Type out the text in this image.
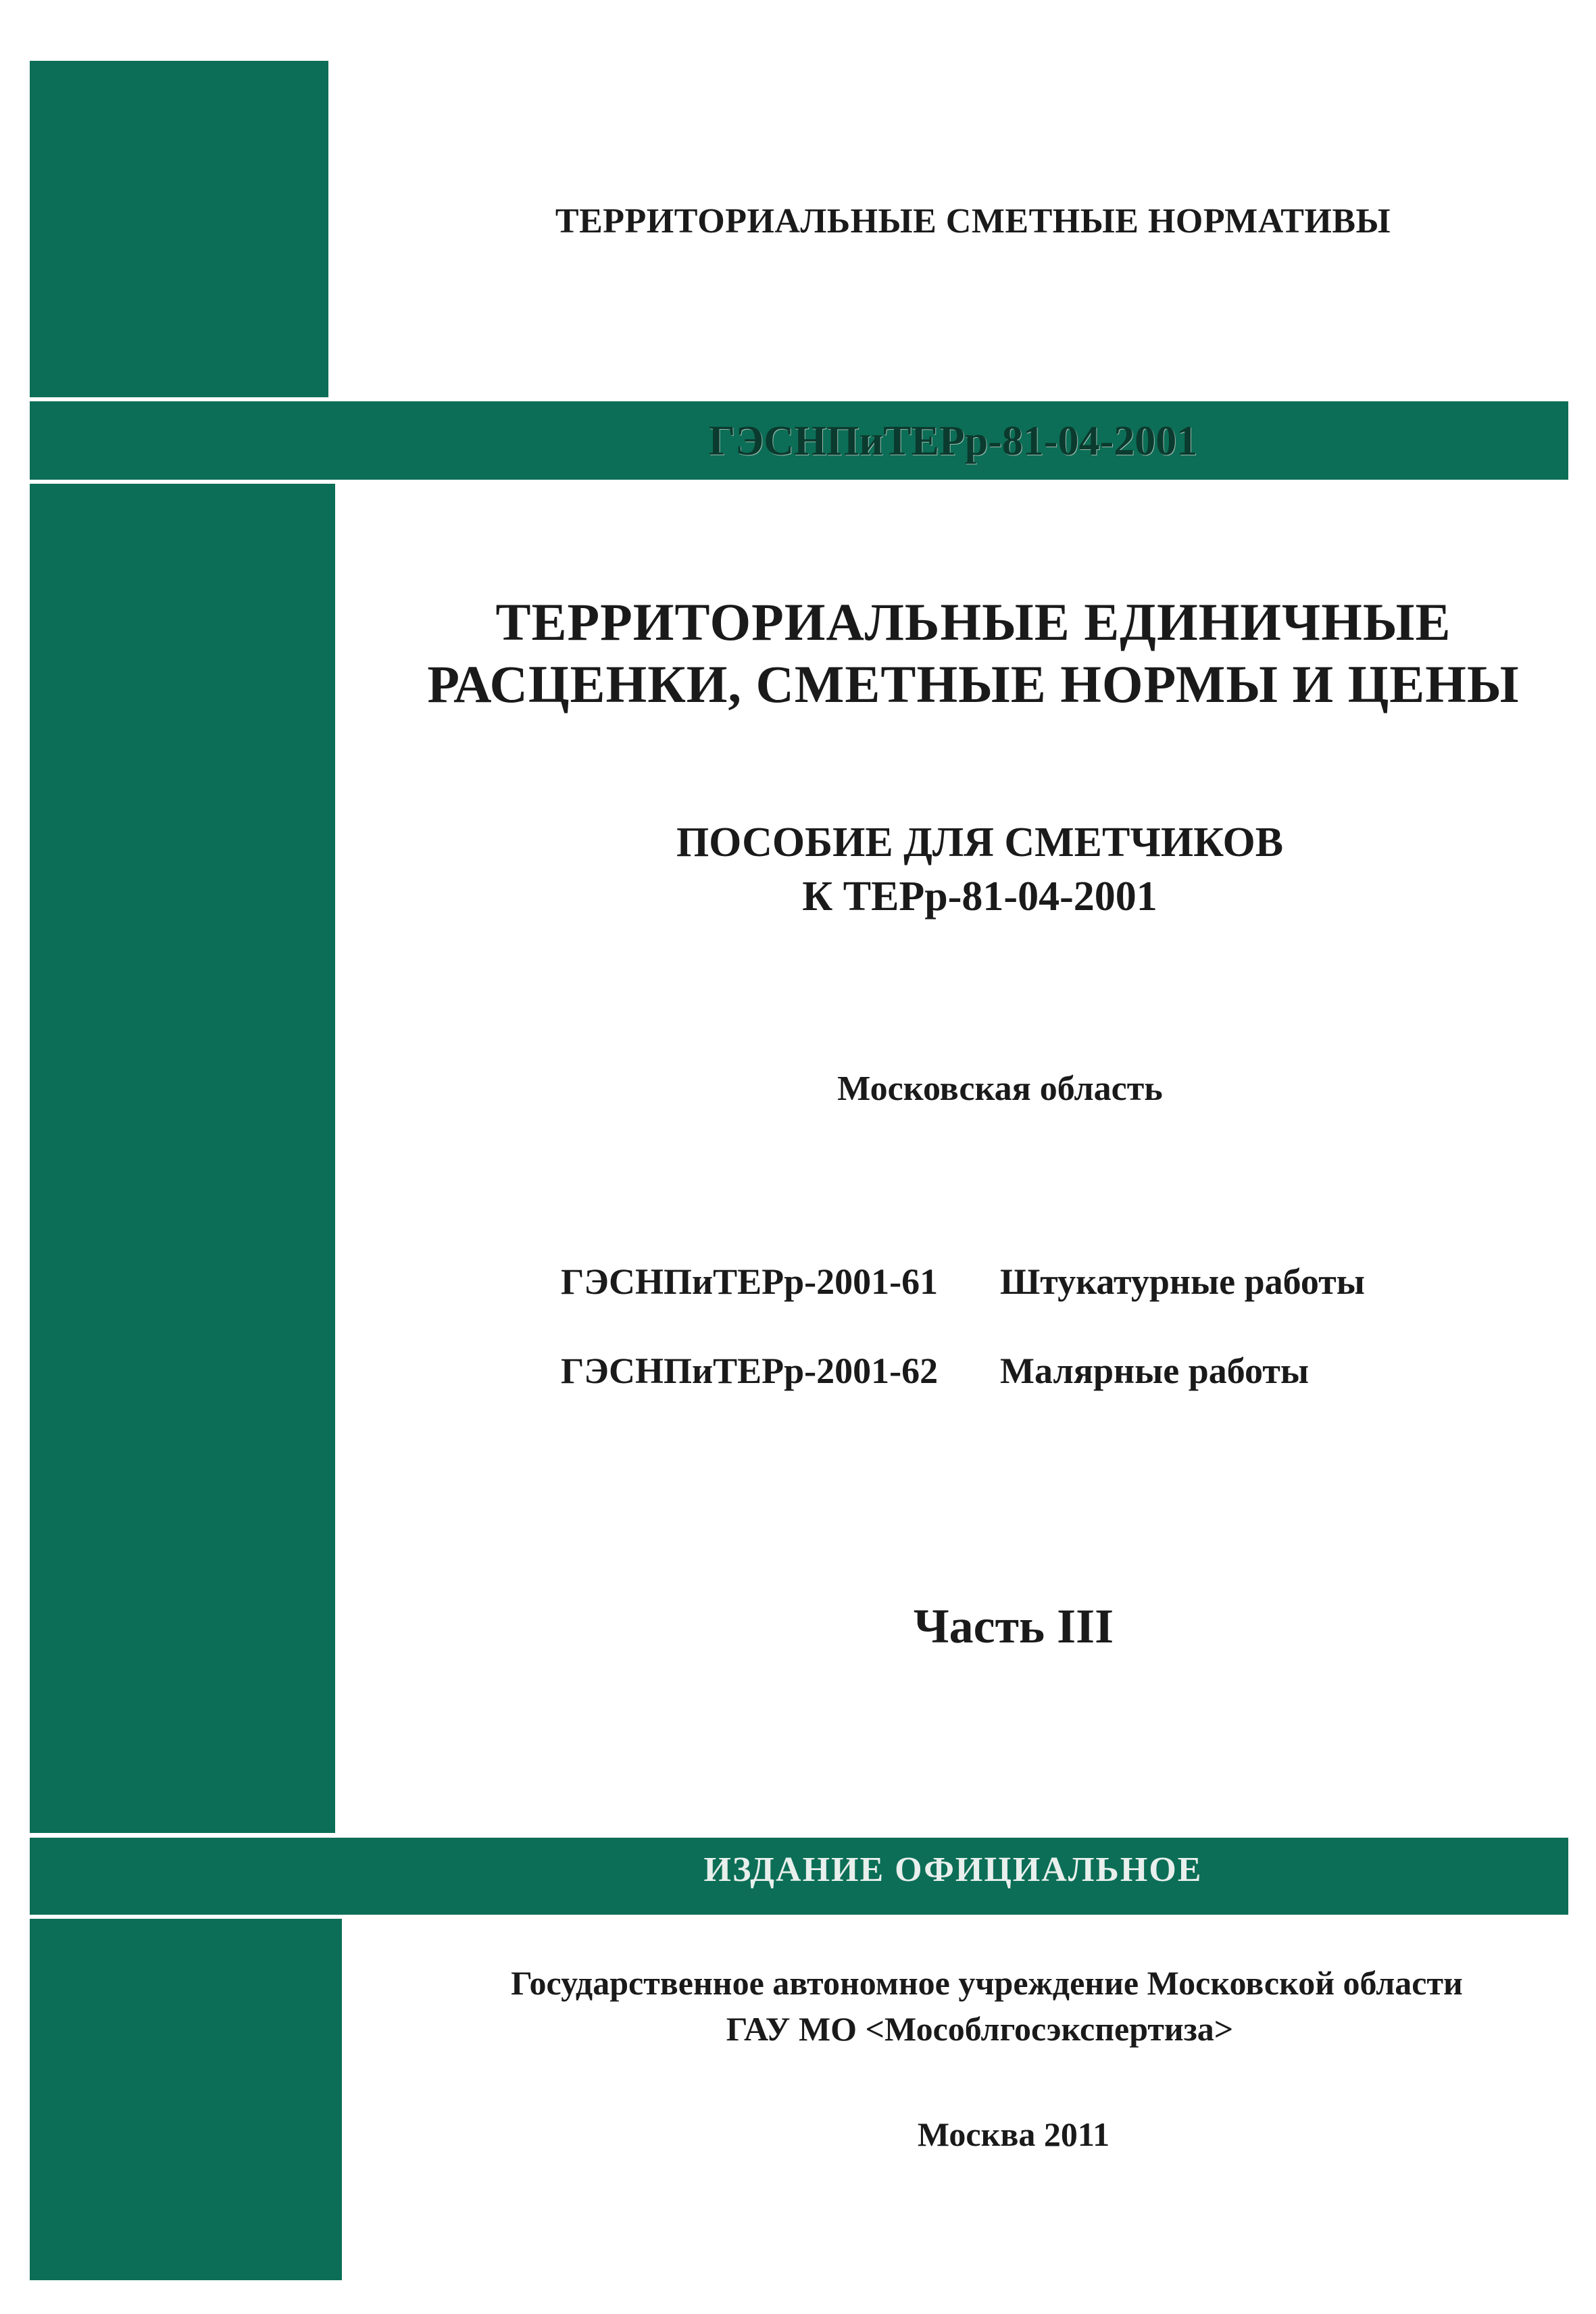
ТЕРРИТОРИАЛЬНЫЕ СМЕТНЫЕ НОРМАТИВЫ

ГЭСНПиТЕРр-81-04-2001

ТЕРРИТОРИАЛЬНЫЕ ЕДИНИЧНЫЕ

РАСЦЕНКИ, СМЕТНЫЕ НОРМЫ И ЦЕНЫ

ПОСОБИЕ ДЛЯ СМЕТЧИКОВ

К ТЕРр-81-04-2001

Московская область

ГЭСНПиТЕРр-2001-61 Штукатурные работы
ГЭСНПиТЕРр-2001-62 Малярные работы

Часть III

ИЗДАНИЕ ОФИЦИАЛЬНОЕ

Государственное автономное учреждение Московской области

ГАУ МО <Мособлгосэкспертиза>

Москва 2011
